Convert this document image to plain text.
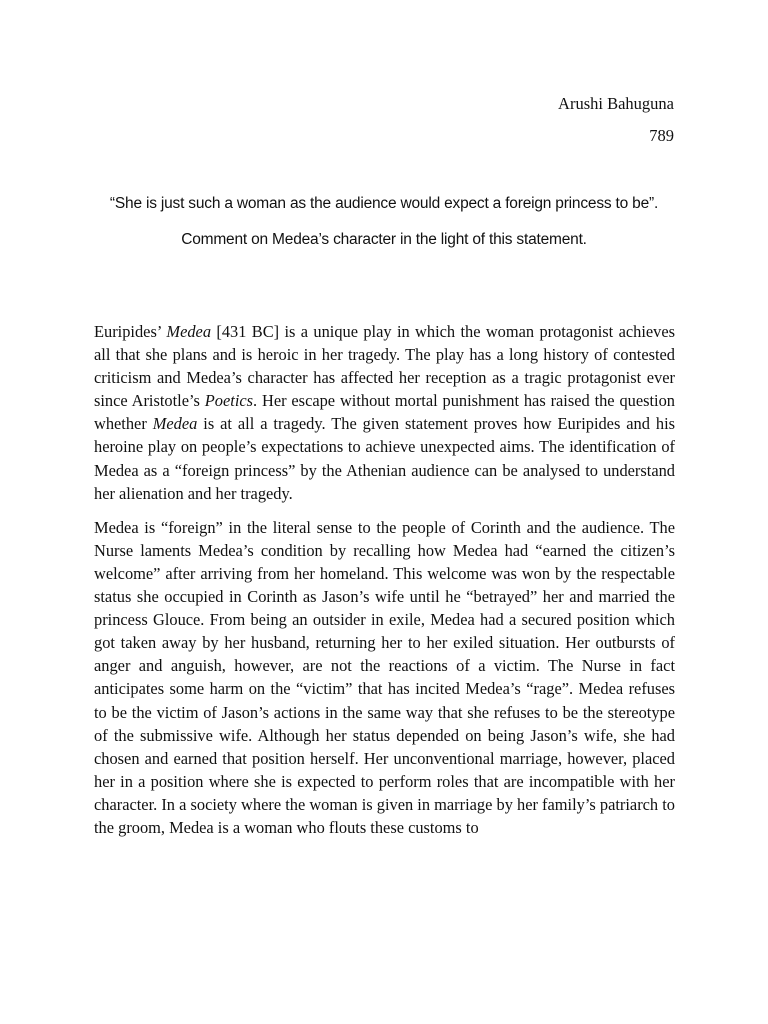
Arushi Bahuguna
789

“She is just such a woman as the audience would expect a foreign princess to be”.

Comment on Medea’s character in the light of this statement.

Euripides’ Medea [431 BC] is a unique play in which the woman protagonist achieves all that she plans and is heroic in her tragedy. The play has a long history of contested criticism and Medea’s character has affected her reception as a tragic protagonist ever since Aristotle’s Poetics. Her escape without mortal punishment has raised the question whether Medea is at all a tragedy. The given statement proves how Euripides and his heroine play on people’s expectations to achieve unexpected aims. The identification of Medea as a “foreign princess” by the Athenian audience can be analysed to understand her alienation and her tragedy.

Medea is “foreign” in the literal sense to the people of Corinth and the audience. The Nurse laments Medea’s condition by recalling how Medea had “earned the citizen’s welcome” after arriving from her homeland. This welcome was won by the respectable status she occupied in Corinth as Jason’s wife until he “betrayed” her and married the princess Glouce. From being an outsider in exile, Medea had a secured position which got taken away by her husband, returning her to her exiled situation. Her outbursts of anger and anguish, however, are not the reactions of a victim. The Nurse in fact anticipates some harm on the “victim” that has incited Medea’s “rage”. Medea refuses to be the victim of Jason’s actions in the same way that she refuses to be the stereotype of the submissive wife. Although her status depended on being Jason’s wife, she had chosen and earned that position herself. Her unconventional marriage, however, placed her in a position where she is expected to perform roles that are incompatible with her character. In a society where the woman is given in marriage by her family’s patriarch to the groom, Medea is a woman who flouts these customs to
